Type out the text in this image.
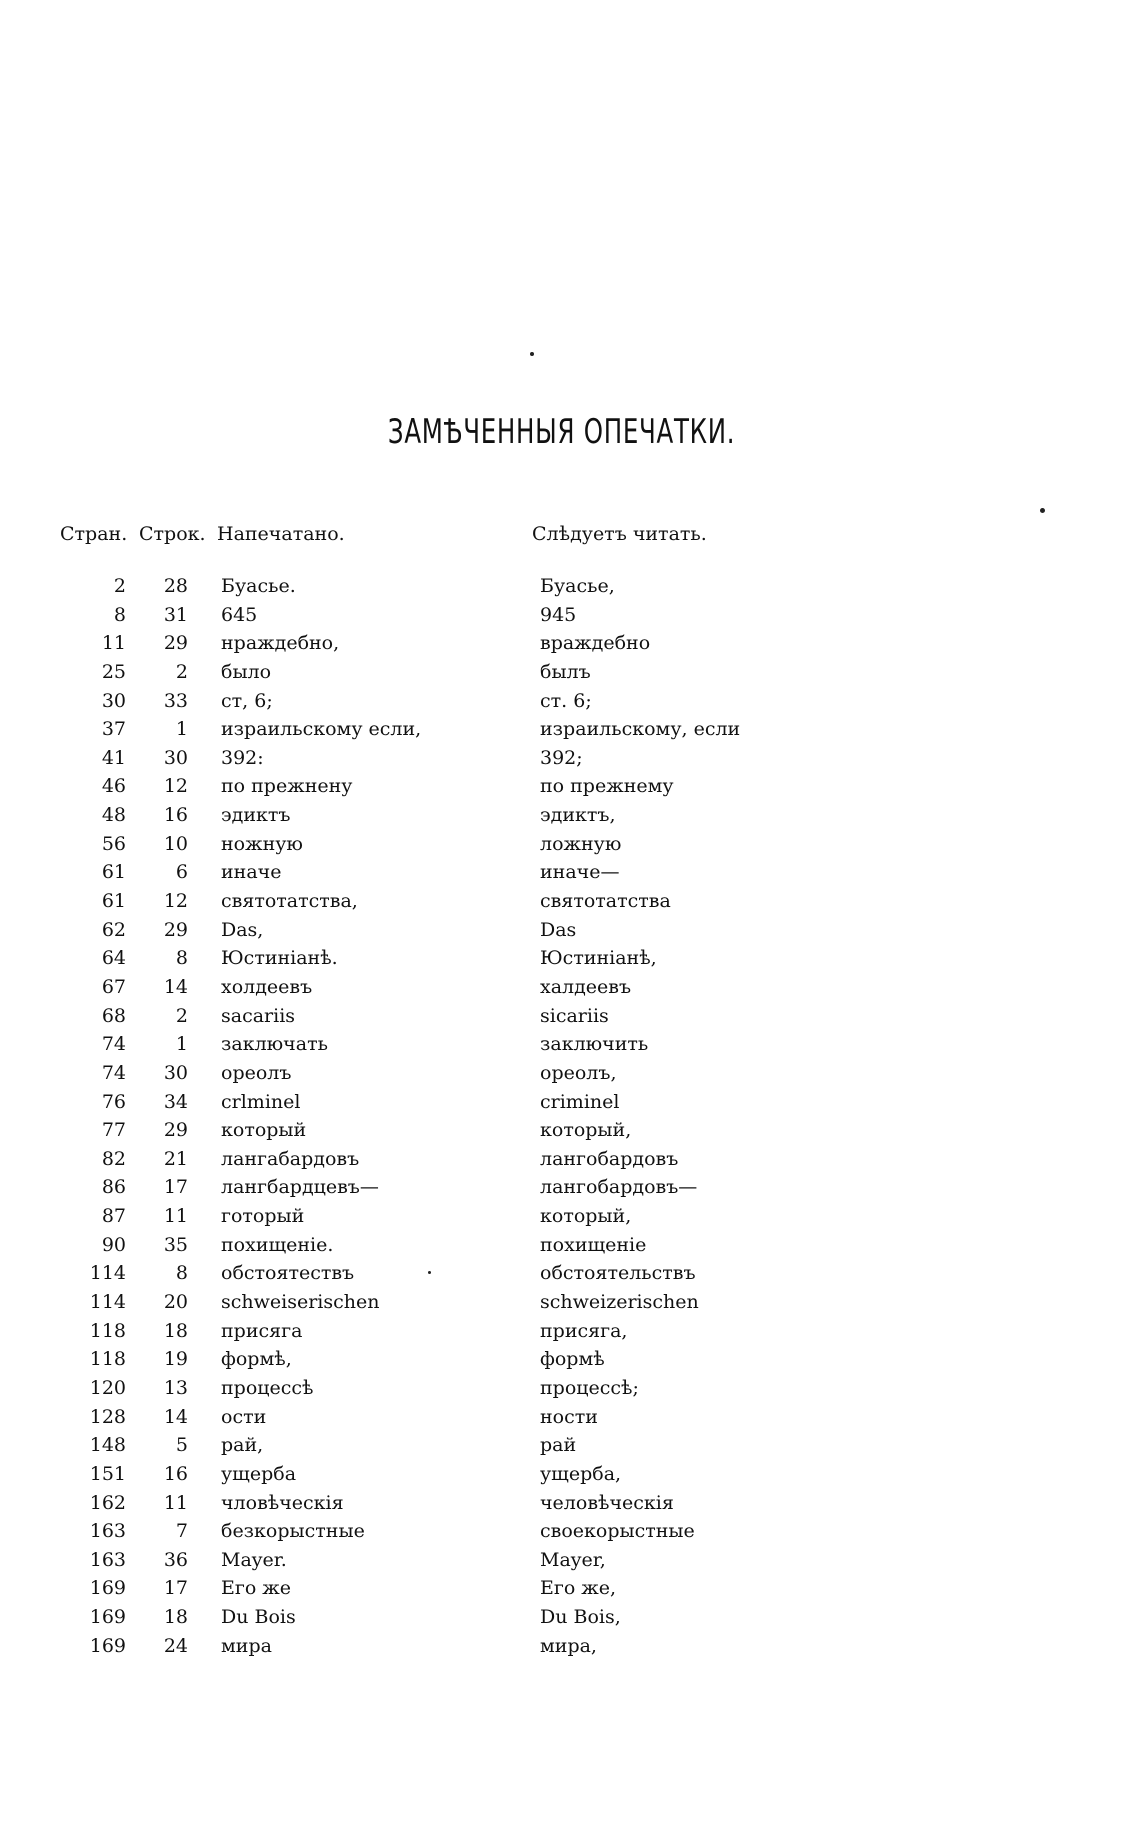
ЗАМѢЧЕННЫЯ ОПЕЧАТКИ.
Стран. Строк. Напечатано.	Слѣдуетъ читать.
2	28 Буасье.	Буасье,
8	31 645	945
11	29 нраждебно,	враждебно
25	2 было	былъ
30	33 ст, 6;	ст. 6;
37	1 израильскому если,	израильскому, если
41	30 392:	392;
46	12 по прежнену	по прежнему
48	16 эдиктъ	эдиктъ,
56	10 ножную	ложную
61	6 иначе	иначе—
61	12 святотатства,	святотатства
62	29 Das,	Das
64	8 Юстиніанѣ.	Юстиніанѣ,
67	14 холдеевъ	халдеевъ
68	2 sacariis	sicariis
74	1 заключать	заключить
74	30 ореолъ	ореолъ,
76	34 crlminel	criminel
77	29 который	который,
82	21 лангабардовъ	лангобардовъ
86	17 лангбардцевъ—	лангобардовъ—
87	11 готорый	который,
90	35 похищеніе.	похищеніе
114	8 обстоятествъ	обстоятельствъ
114	20 schweiserischen	schweizerischen
118	18 присяга	присяга,
118	19 формѣ,	формѣ
120	13 процессѣ	процессѣ;
128	14 ости	ности
148	5 рай,	рай
151	16 ущерба	ущерба,
162	11 чловѣческія	человѣческія
163	7 безкорыстные	своекорыстные
163	36 Mayer.	Mayer,
169	17 Его же	Его же,
169	18 Du Bois	Du Bois,
169	24 мира	мира,
